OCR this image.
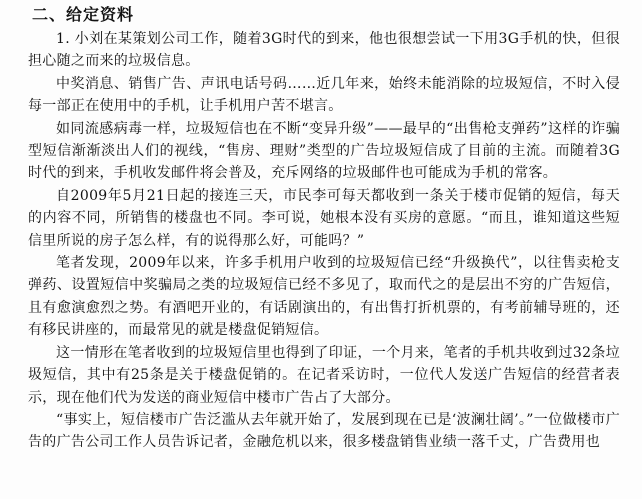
二、给定资料

1. 小刘在某策划公司工作，随着3G时代的到来，他也很想尝试一下用3G手机的快，但很担心随之而来的垃圾信息。

中奖消息、销售广告、声讯电话号码……近几年来，始终未能消除的垃圾短信，不时入侵每一部正在使用中的手机，让手机用户苦不堪言。

如同流感病毒一样，垃圾短信也在不断“变异升级”——最早的“出售枪支弹药”这样的诈骗型短信渐渐淡出人们的视线，“售房、理财”类型的广告垃圾短信成了目前的主流。而随着3G时代的到来，手机收发邮件将会普及，充斥网络的垃圾邮件也可能成为手机的常客。

自2009年5月21日起的接连三天，市民李可每天都收到一条关于楼市促销的短信，每天的内容不同，所销售的楼盘也不同。李可说，她根本没有买房的意愿。“而且，谁知道这些短信里所说的房子怎么样，有的说得那么好，可能吗？”

笔者发现，2009年以来，许多手机用户收到的垃圾短信已经“升级换代”，以往售卖枪支弹药、设置短信中奖骗局之类的垃圾短信已经不多见了，取而代之的是层出不穷的广告短信，且有愈演愈烈之势。有酒吧开业的，有话剧演出的，有出售打折机票的，有考前辅导班的，还有移民讲座的，而最常见的就是楼盘促销短信。

这一情形在笔者收到的垃圾短信里也得到了印证，一个月来，笔者的手机共收到过32条垃圾短信，其中有25条是关于楼盘促销的。在记者采访时，一位代人发送广告短信的经营者表示，现在他们代为发送的商业短信中楼市广告占了大部分。

“事实上，短信楼市广告泛滥从去年就开始了，发展到现在已是‘波澜壮阔’。”一位做楼市广告的广告公司工作人员告诉记者，金融危机以来，很多楼盘销售业绩一落千丈，广告费用也
